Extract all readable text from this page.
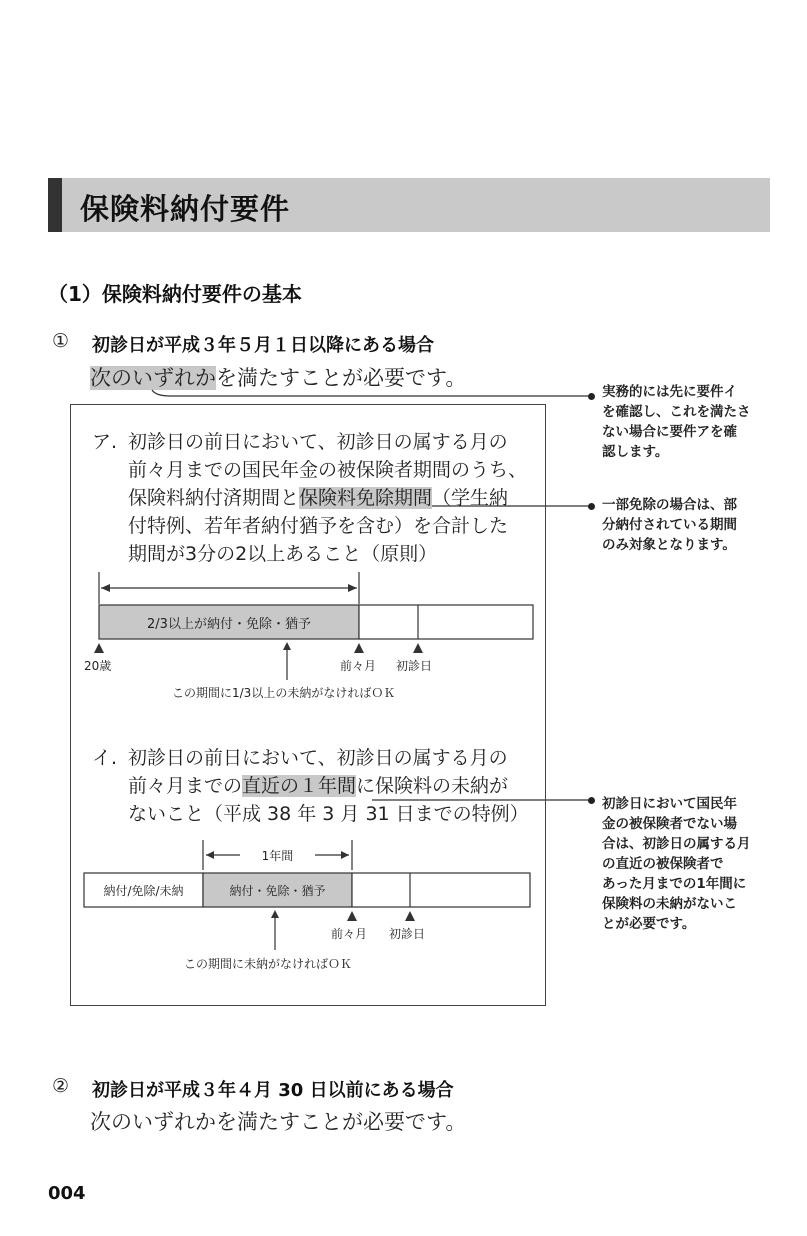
保険料納付要件
（1）保険料納付要件の基本
① 初診日が平成３年５月１日以降にある場合
次のいずれかを満たすことが必要です。
実務的には先に要件イ
を確認し、これを満たさ
ない場合に要件アを確
認します。
一部免除の場合は、部
分納付されている期間
のみ対象となります。
初診日において国民年
金の被保険者でない場
合は、初診日の属する月
の直近の被保険者で
あった月までの1年間に
保険料の未納がないこ
とが必要です。
ア. 初診日の前日において、初診日の属する月の
前々月までの国民年金の被保険者期間のうち、
保険料納付済期間と保険料免除期間（学生納
付特例、若年者納付猶予を含む）を合計した
期間が3分の2以上あること（原則）
2/3以上が納付・免除・猶予
20歳	前々月 初診日
この期間に1/3以上の未納がなければＯＫ
イ. 初診日の前日において、初診日の属する月の
前々月までの直近の１年間に保険料の未納が
ないこと（平成 38 年 3 月 31 日までの特例）
1年間
納付/免除/未納	納付・免除・猶予
前々月 初診日
この期間に未納がなければＯＫ
② 初診日が平成３年４月 30 日以前にある場合
次のいずれかを満たすことが必要です。
004
